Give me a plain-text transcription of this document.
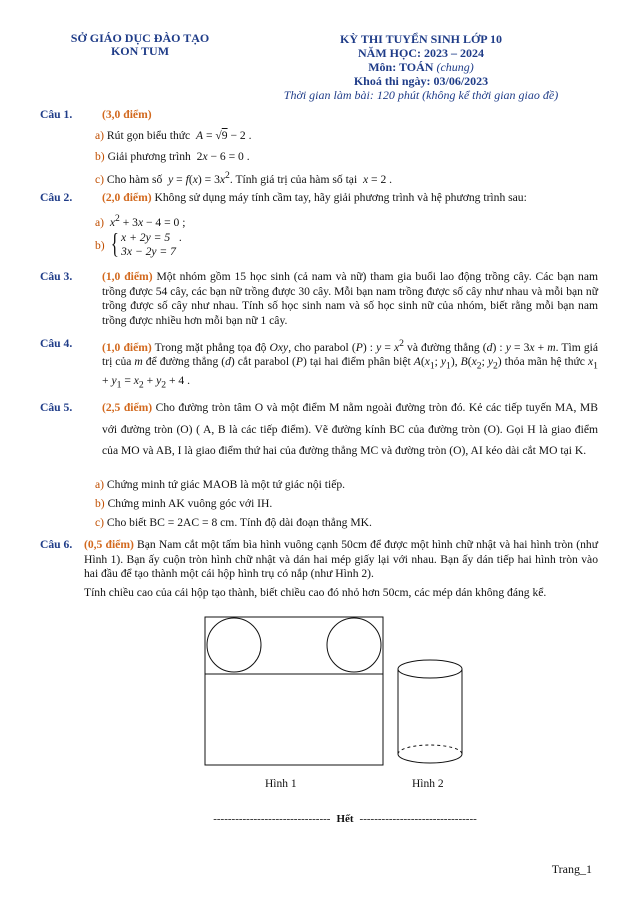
SỞ GIÁO DỤC ĐÀO TẠO
KON TUM
KỲ THI TUYỂN SINH LỚP 10
NĂM HỌC: 2023 – 2024
Môn: TOÁN (chung)
Khoá thi ngày: 03/06/2023
Thời gian làm bài: 120 phút (không kể thời gian giao đề)
Câu 1.	(3,0 điểm)
a) Rút gọn biểu thức  A = √9 − 2 .
b) Giải phương trình  2x − 6 = 0 .
c) Cho hàm số $y = f(x) = 3x^2$. Tính giá trị của hàm số tại x = 2 .
Câu 2.	(2,0 điểm) Không sử dụng máy tính cầm tay, hãy giải phương trình và hệ phương trình sau:
a) $x^2 + 3x - 4 = 0$ ;
b) { x + 2y = 5
3x − 2y = 7 .
Câu 3.	(1,0 điểm) Một nhóm gồm 15 học sinh (cả nam và nữ) tham gia buổi lao động trồng cây. Các bạn nam trồng được 54 cây, các bạn nữ trồng được 30 cây. Mỗi bạn nam trồng được số cây như nhau và mỗi bạn nữ trồng được số cây như nhau. Tính số học sinh nam và số học sinh nữ của nhóm, biết rằng mỗi bạn nam trồng được nhiều hơn mỗi bạn nữ 1 cây.
Câu 4.	(1,0 điểm) Trong mặt phẳng tọa độ Oxy, cho parabol (P) : $y = x^2$ và đường thẳng (d) : y = 3x + m. Tìm giá trị của m để đường thẳng (d) cắt parabol (P) tại hai điểm phân biệt $A(x_1$; $y_1$), $B(x_2$; $y_2$) thỏa mãn hệ thức $x_1 + y_1 = x_2 + y_2 + 4$ .
Câu 5.	(2,5 điểm) Cho đường tròn tâm O và một điểm M nằm ngoài đường tròn đó. Kẻ các tiếp tuyến MA, MB với đường tròn (O) ( A, B là các tiếp điểm). Vẽ đường kính BC của đường tròn (O). Gọi H là giao điểm của MO và AB, I là giao điểm thứ hai của đường thẳng MC và đường tròn (O), AI kéo dài cắt MO tại K.
a) Chứng minh tứ giác MAOB là một tứ giác nội tiếp.
b) Chứng minh AK vuông góc với IH.
c) Cho biết BC = 2AC = 8 cm. Tính độ dài đoạn thẳng MK.
Câu 6. (0,5 điểm) Bạn Nam cắt một tấm bìa hình vuông cạnh 50cm để được một hình chữ nhật và hai hình tròn (như Hình 1). Bạn ấy cuộn tròn hình chữ nhật và dán hai mép giấy lại với nhau. Bạn ấy dán tiếp hai hình tròn vào hai đầu để tạo thành một cái hộp hình trụ có nắp (như Hình 2).
Tính chiều cao của cái hộp tạo thành, biết chiều cao đó nhỏ hơn 50cm, các mép dán không đáng kể.
Hình 1	Hình 2
-------------------------------- Hết --------------------------------
Trang_1
